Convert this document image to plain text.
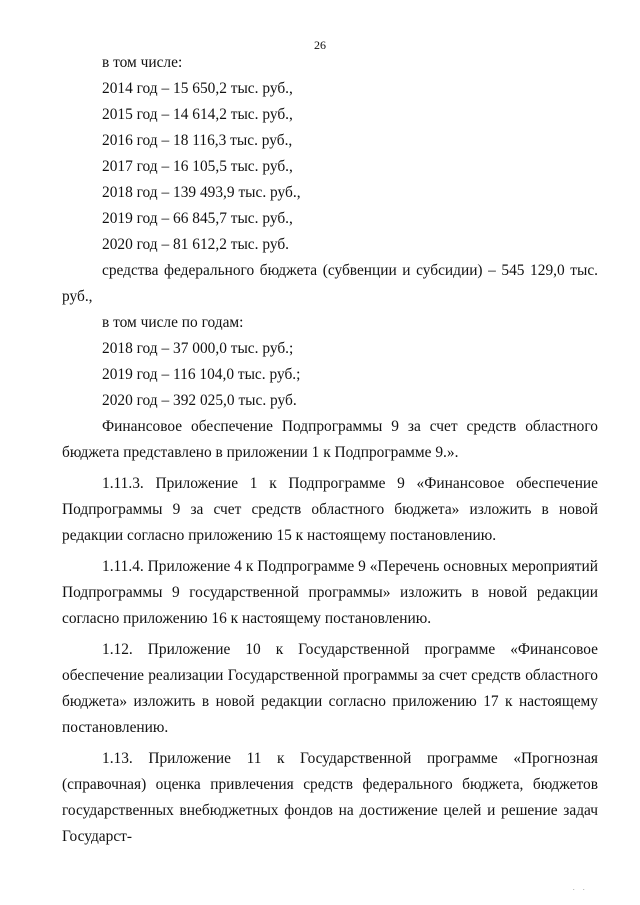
26
в том числе:
2014 год – 15 650,2 тыс. руб.,
2015 год – 14 614,2 тыс. руб.,
2016 год – 18 116,3 тыс. руб.,
2017 год – 16 105,5 тыс. руб.,
2018 год – 139 493,9 тыс. руб.,
2019 год – 66 845,7 тыс. руб.,
2020 год – 81 612,2 тыс. руб.

средства федерального бюджета (субвенции и субсидии) – 545 129,0 тыс. руб.,

в том числе по годам:
2018 год – 37 000,0 тыс. руб.;
2019 год – 116 104,0 тыс. руб.;
2020 год – 392 025,0 тыс. руб.

Финансовое обеспечение Подпрограммы 9 за счет средств областного бюджета представлено в приложении 1 к Подпрограмме 9.».

1.11.3. Приложение 1 к Подпрограмме 9 «Финансовое обеспечение Подпрограммы 9 за счет средств областного бюджета» изложить в новой редакции согласно приложению 15 к настоящему постановлению.

1.11.4. Приложение 4 к Подпрограмме 9 «Перечень основных мероприятий Подпрограммы 9 государственной программы» изложить в новой редакции согласно приложению 16 к настоящему постановлению.

1.12. Приложение 10 к Государственной программе «Финансовое обеспечение реализации Государственной программы за счет средств областного бюджета» изложить в новой редакции согласно приложению 17 к настоящему постановлению.

1.13. Приложение 11 к Государственной программе «Прогнозная (справочная) оценка привлечения средств федерального бюджета, бюджетов государственных внебюджетных фондов на достижение целей и решение задач Государст-

· ·
